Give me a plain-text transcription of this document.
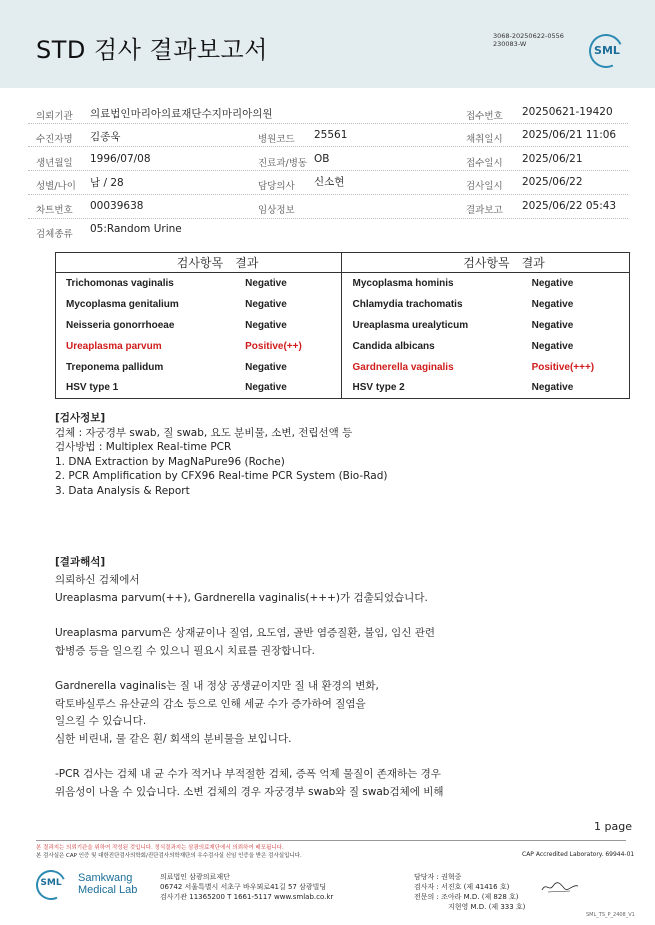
STD 검사 결과보고서	3068-20250622-0556
230083-W	SML
의뢰기관 의료법인마리아의료재단수지마리아의원	접수번호 20250621-19420
수진자명 김종욱	병원코드 25561	채취일시 2025/06/21 11:06
생년월일 1996/07/08	진료과/병동 OB	접수일시 2025/06/21
성별/나이 남 / 28	담당의사 신소현	검사일시 2025/06/22
차트번호 00039638	임상정보	결과보고 2025/06/22 05:43
검체종류 05:Random Urine
검사항목	결과	검사항목	결과
Trichomonas vaginalis	Negative	Mycoplasma hominis	Negative
Mycoplasma genitalium	Negative	Chlamydia trachomatis	Negative
Neisseria gonorrhoeae	Negative	Ureaplasma urealyticum	Negative
Ureaplasma parvum	Positive(++)	Candida albicans	Negative
Treponema pallidum	Negative	Gardnerella vaginalis	Positive(+++)
HSV type 1	Negative	HSV type 2	Negative
[검사정보]
검체 : 자궁경부 swab, 질 swab, 요도 분비물, 소변, 전립선액 등
검사방법 : Multiplex Real-time PCR
1. DNA Extraction by MagNaPure96 (Roche)
2. PCR Amplification by CFX96 Real-time PCR System (Bio-Rad)
3. Data Analysis & Report
[결과해석]
의뢰하신 검체에서
Ureaplasma parvum(++), Gardnerella vaginalis(+++)가 검출되었습니다.
Ureaplasma parvum은 상재균이나 질염, 요도염, 골반 염증질환, 불임, 임신 관련
합병증 등을 일으킬 수 있으니 필요시 치료를 권장합니다.
Gardnerella vaginalis는 질 내 정상 공생균이지만 질 내 환경의 변화,
락토바실루스 유산균의 감소 등으로 인해 세균 수가 증가하여 질염을
일으킬 수 있습니다.
심한 비린내, 물 같은 흰/ 회색의 분비물을 보입니다.
-PCR 검사는 검체 내 균 수가 적거나 부적절한 검체, 증폭 억제 물질이 존재하는 경우
위음성이 나올 수 있습니다. 소변 검체의 경우 자궁경부 swab와 질 swab검체에 비해
1 page
본 결과지는 의뢰기관을 위하여 작성된 것입니다. 정식결과지는 삼광의료재단에서 의뢰하여 배포됩니다.
본 검사실은 CAP 인증 및 대한진단검사의학회/진단검사의학재단의 우수검사실 신임 인증을 받은 검사실입니다.	CAP Accredited Laboratory. 69944-01
SML Samkwang
Medical Lab
의료법인 삼광의료재단
06742 서울특별시 서초구 바우뫼로41길 57 삼광빌딩
검사기관 11365200 T 1661-5117 www.smlab.co.kr
담당자 : 권혁중
검사자 : 서진호 (제 41416 호)
전문의 : 조아라 M.D. (제 828 호)
지현영 M.D. (제 333 호)
SML_TS_P_2408_V1
